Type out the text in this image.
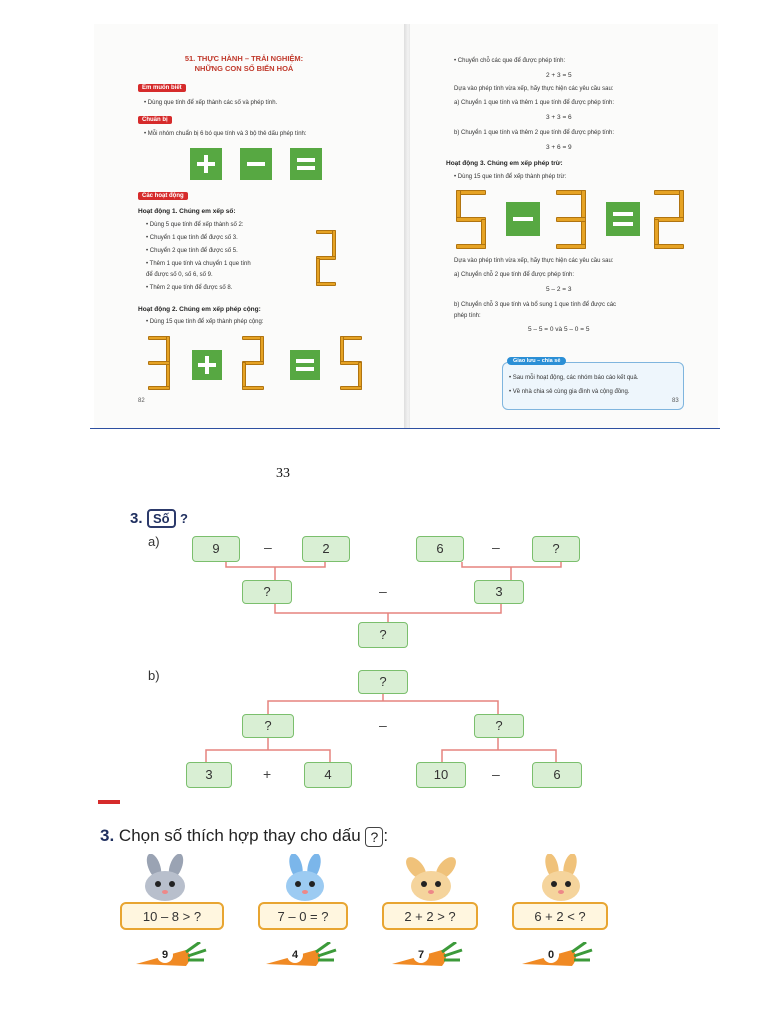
51. THỰC HÀNH – TRẢI NGHIỆM:
NHỮNG CON SỐ BIẾN HOÁ
Em muốn biết
• Dùng que tính để xếp thành các số và phép tính.
Chuẩn bị
• Mỗi nhóm chuẩn bị 6 bó que tính và 3 bộ thẻ dấu phép tính:
Các hoạt động
Hoạt động 1. Chúng em xếp số:
• Dùng 5 que tính để xếp thành số 2:
• Chuyển 1 que tính để được số 3.
• Chuyển 2 que tính để được số 5.
• Thêm 1 que tính và chuyển 1 que tính
để được số 0, số 6, số 9.
• Thêm 2 que tính để được số 8.
Hoạt động 2. Chúng em xếp phép cộng:
• Dùng 15 que tính để xếp thành phép cộng:
82
• Chuyển chỗ các que để được phép tính:
2 + 3 = 5
Dựa vào phép tính vừa xếp, hãy thực hiện các yêu cầu sau:
a) Chuyển 1 que tính và thêm 1 que tính để được phép tính:
3 + 3 = 6
b) Chuyển 1 que tính và thêm 2 que tính để được phép tính:
3 + 6 = 9
Hoạt động 3. Chúng em xếp phép trừ:
• Dùng 15 que tính để xếp thành phép trừ:
Dựa vào phép tính vừa xếp, hãy thực hiện các yêu cầu sau:
a) Chuyển chỗ 2 que tính để được phép tính:
5 – 2 = 3
b) Chuyển chỗ 3 que tính và bổ sung 1 que tính để được các
phép tính:
5 – 5 = 0 và 5 – 0 = 5
Giao lưu – chia sẻ
• Sau mỗi hoạt động, các nhóm báo cáo kết quả.
• Về nhà chia sẻ cùng gia đình và cộng đồng.
83
33
3. Số ?
a)	9	–	2	6	–	?
?	–	3
?
b)	?
?	–	?
3	+	4	10	–	6
3. Chọn số thích hợp thay cho dấu ? :
10 – 8 > ?	7 – 0 = ?	2 + 2 > ?	6 + 2 < ?
9	4	7	0
